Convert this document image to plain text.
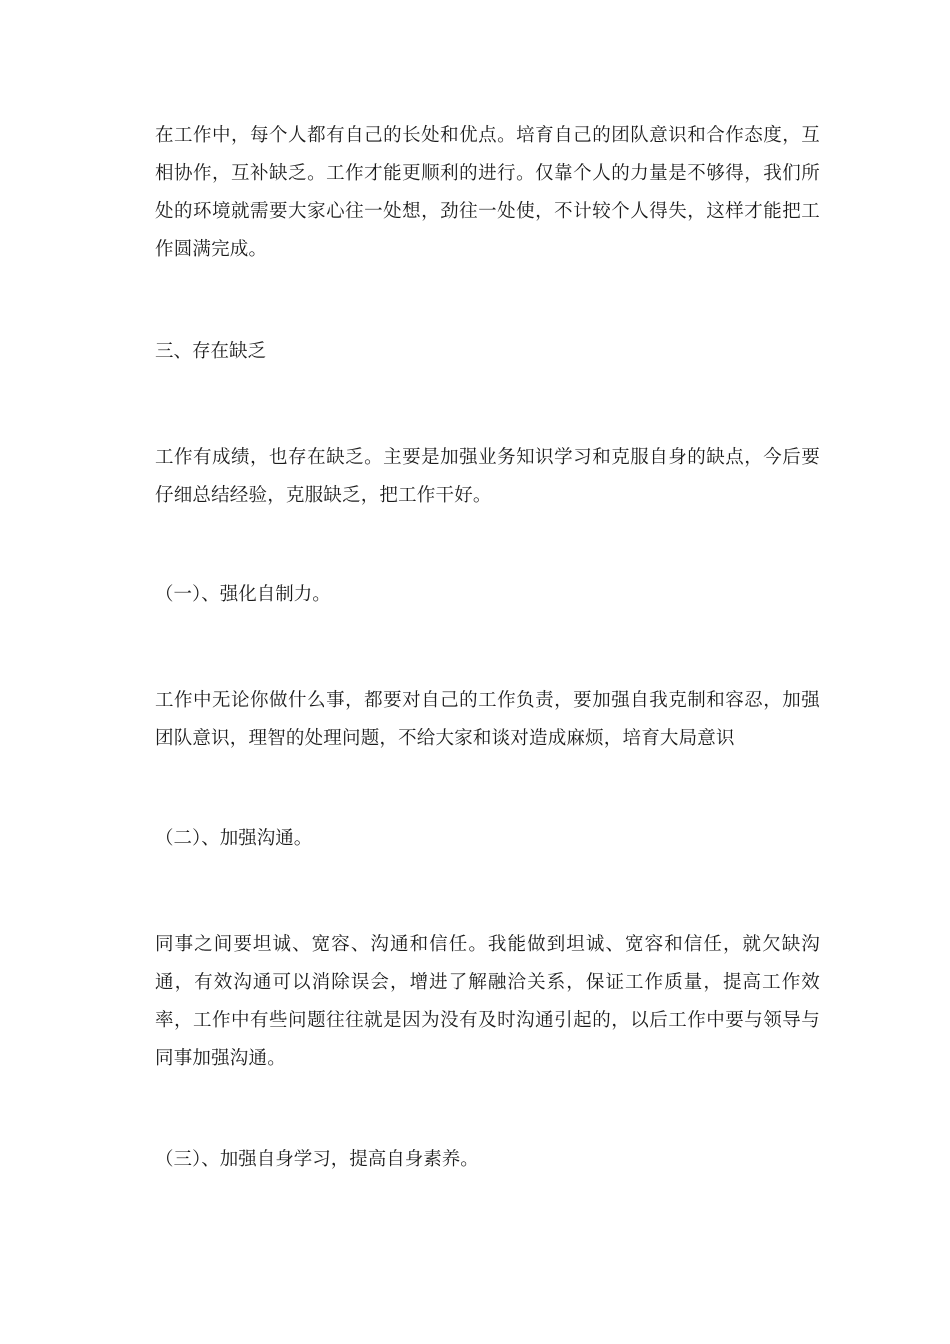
在工作中，每个人都有自己的长处和优点。培育自己的团队意识和合作态度，互相协作，互补缺乏。工作才能更顺利的进行。仅靠个人的力量是不够得，我们所处的环境就需要大家心往一处想，劲往一处使，不计较个人得失，这样才能把工作圆满完成。

三、存在缺乏

工作有成绩，也存在缺乏。主要是加强业务知识学习和克服自身的缺点，今后要仔细总结经验，克服缺乏，把工作干好。

（一）、强化自制力。

工作中无论你做什么事，都要对自己的工作负责，要加强自我克制和容忍，加强团队意识，理智的处理问题，不给大家和谈对造成麻烦，培育大局意识

（二）、加强沟通。

同事之间要坦诚、宽容、沟通和信任。我能做到坦诚、宽容和信任，就欠缺沟通，有效沟通可以消除误会，增进了解融洽关系，保证工作质量，提高工作效率，工作中有些问题往往就是因为没有及时沟通引起的，以后工作中要与领导与同事加强沟通。

（三）、加强自身学习，提高自身素养。
